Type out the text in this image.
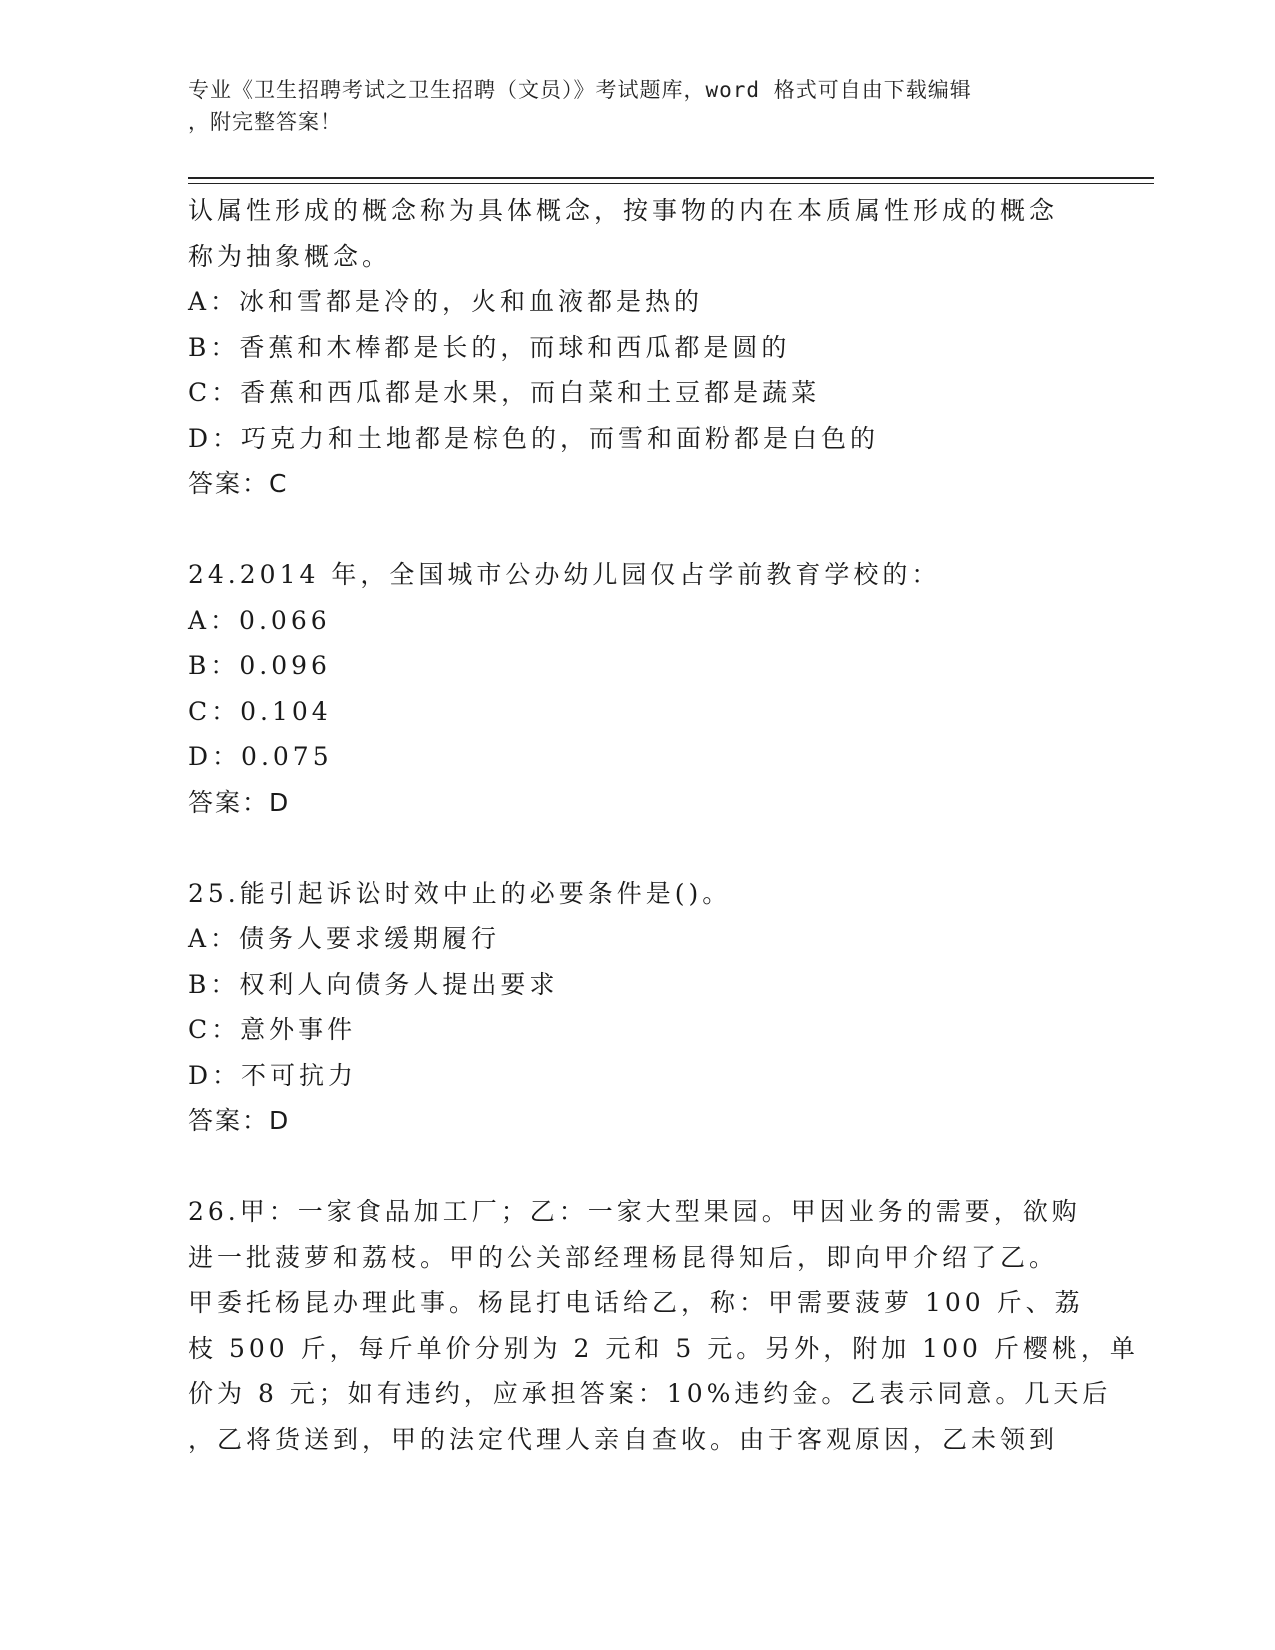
专业《卫生招聘考试之卫生招聘（文员）》考试题库，word 格式可自由下载编辑
，附完整答案！
认属性形成的概念称为具体概念，按事物的内在本质属性形成的概念
称为抽象概念。
A：冰和雪都是冷的，火和血液都是热的
B：香蕉和木棒都是长的，而球和西瓜都是圆的
C：香蕉和西瓜都是水果，而白菜和土豆都是蔬菜
D：巧克力和土地都是棕色的，而雪和面粉都是白色的
答案：C
24.2014 年，全国城市公办幼儿园仅占学前教育学校的：
A：0.066
B：0.096
C：0.104
D：0.075
答案：D
25.能引起诉讼时效中止的必要条件是()。
A：债务人要求缓期履行
B：权利人向债务人提出要求
C：意外事件
D：不可抗力
答案：D
26.甲：一家食品加工厂；乙：一家大型果园。甲因业务的需要，欲购
进一批菠萝和荔枝。甲的公关部经理杨昆得知后，即向甲介绍了乙。
甲委托杨昆办理此事。杨昆打电话给乙，称：甲需要菠萝 100 斤、荔
枝 500 斤，每斤单价分别为 2 元和 5 元。另外，附加 100 斤樱桃，单
价为 8 元；如有违约，应承担答案：10%违约金。乙表示同意。几天后
，乙将货送到，甲的法定代理人亲自查收。由于客观原因，乙未领到
